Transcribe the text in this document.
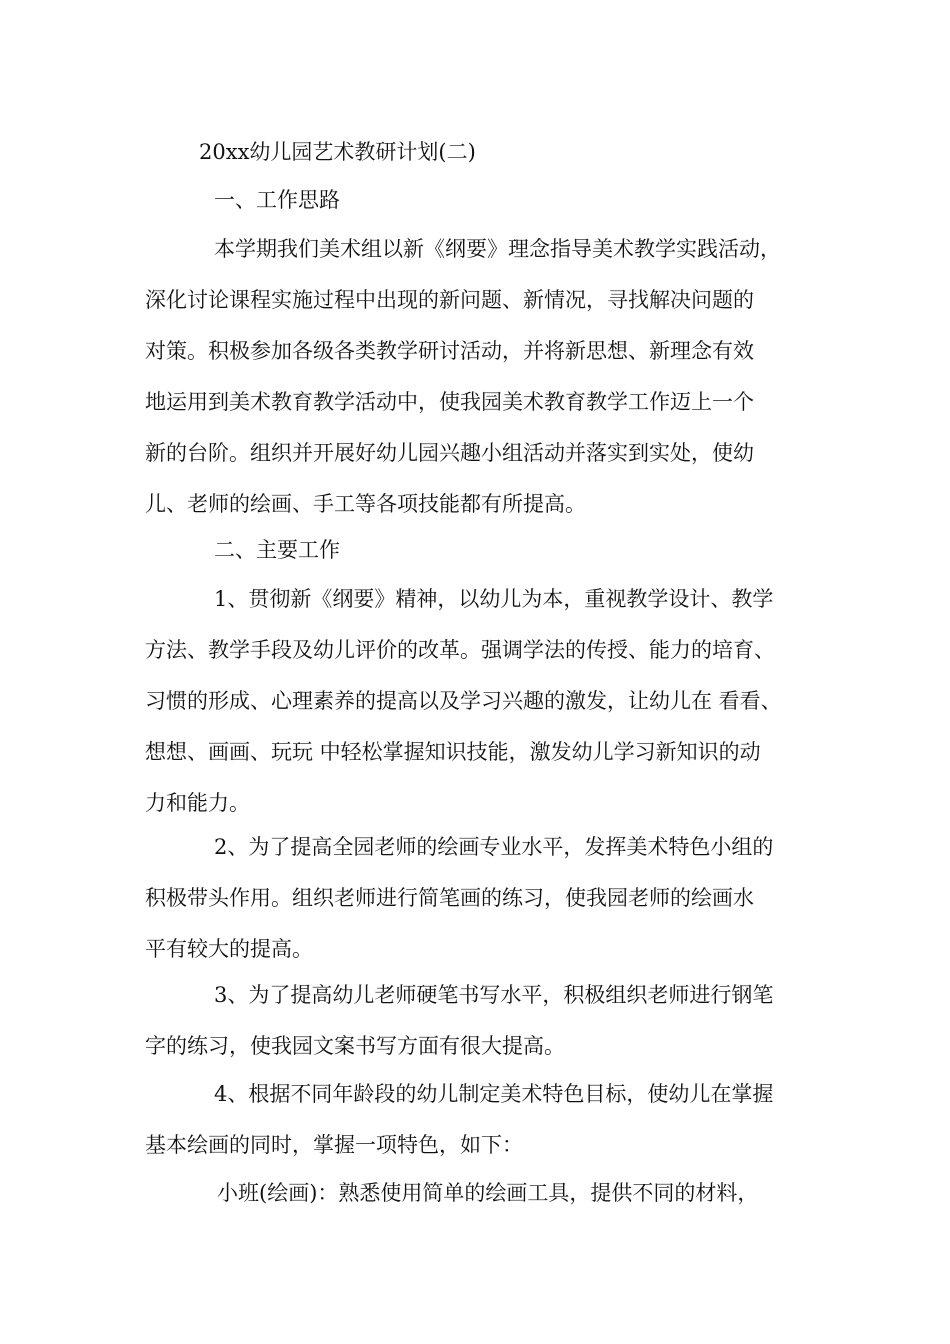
20xx幼儿园艺术教研计划(二)
一、工作思路
本学期我们美术组以新《纲要》理念指导美术教学实践活动，
深化讨论课程实施过程中出现的新问题、新情况，寻找解决问题的
对策。积极参加各级各类教学研讨活动，并将新思想、新理念有效
地运用到美术教育教学活动中，使我园美术教育教学工作迈上一个
新的台阶。组织并开展好幼儿园兴趣小组活动并落实到实处，使幼
儿、老师的绘画、手工等各项技能都有所提高。
二、主要工作
1、贯彻新《纲要》精神，以幼儿为本，重视教学设计、教学
方法、教学手段及幼儿评价的改革。强调学法的传授、能力的培育、
习惯的形成、心理素养的提高以及学习兴趣的激发，让幼儿在 看看、
想想、画画、玩玩 中轻松掌握知识技能，激发幼儿学习新知识的动
力和能力。
2、为了提高全园老师的绘画专业水平，发挥美术特色小组的
积极带头作用。组织老师进行简笔画的练习，使我园老师的绘画水
平有较大的提高。
3、为了提高幼儿老师硬笔书写水平，积极组织老师进行钢笔
字的练习，使我园文案书写方面有很大提高。
4、根据不同年龄段的幼儿制定美术特色目标，使幼儿在掌握
基本绘画的同时，掌握一项特色，如下：
小班(绘画)：熟悉使用简单的绘画工具，提供不同的材料，
